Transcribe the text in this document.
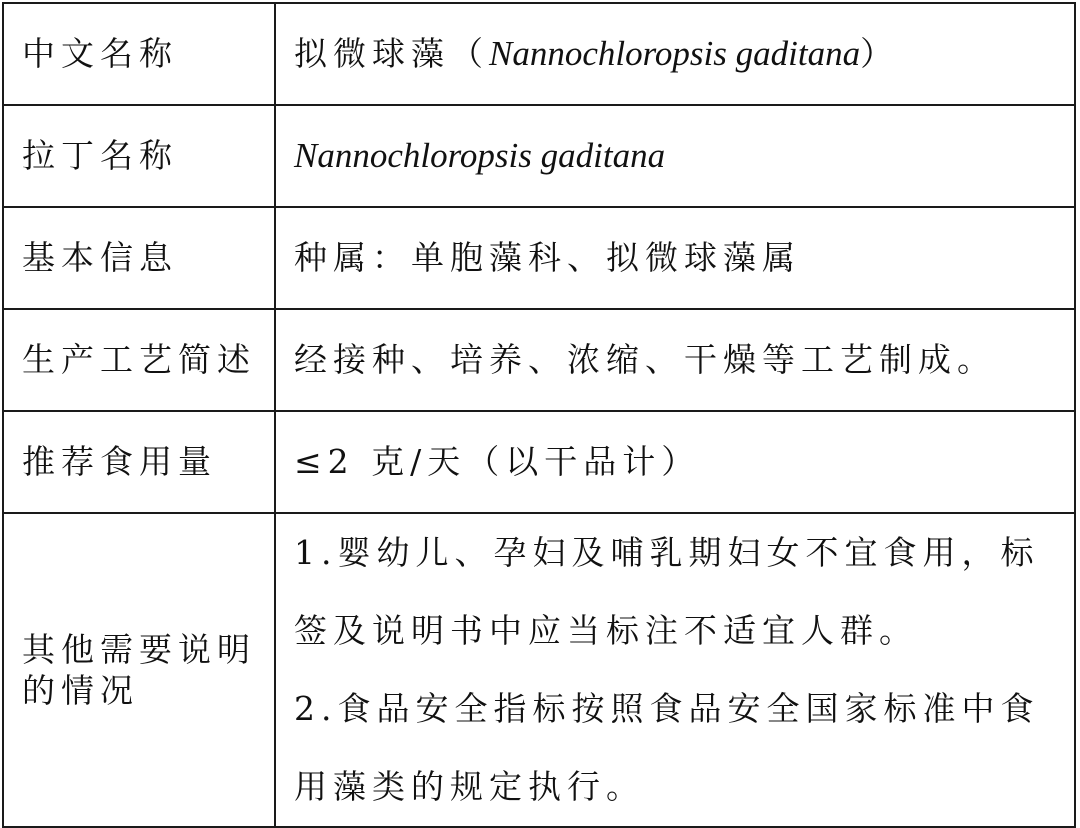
中文名称	拟微球藻（Nannochloropsis gaditana）
拉丁名称	Nannochloropsis gaditana
基本信息	种属：单胞藻科、拟微球藻属
生产工艺简述	经接种、培养、浓缩、干燥等工艺制成。
推荐食用量	≤2 克/天（以干品计）
其他需要说明的情况	1.婴幼儿、孕妇及哺乳期妇女不宜食用，标签及说明书中应当标注不适宜人群。
2.食品安全指标按照食品安全国家标准中食用藻类的规定执行。
